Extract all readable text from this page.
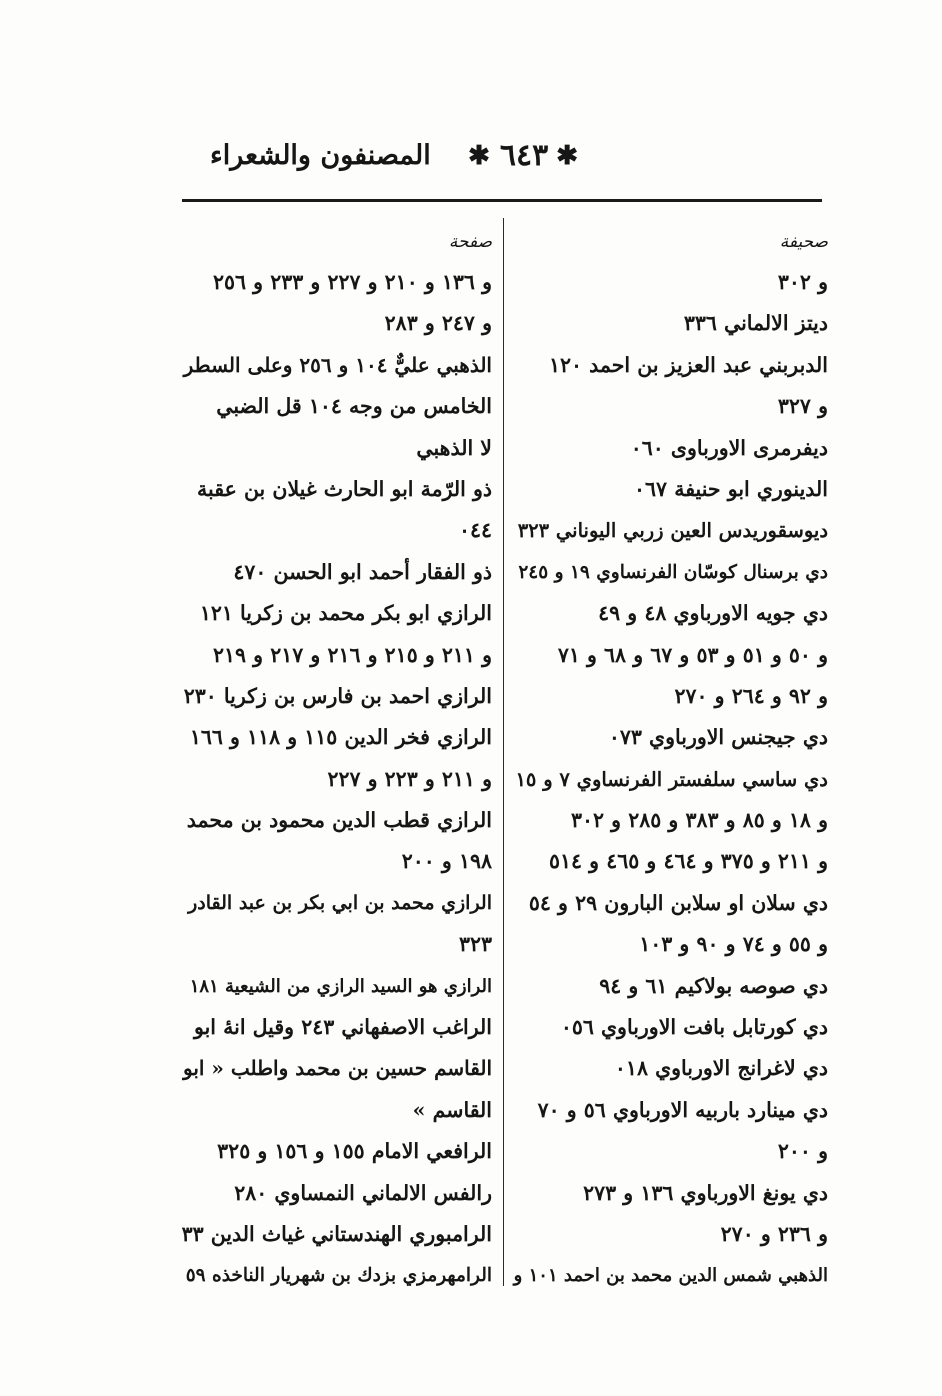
✱
٦٤٣
✱
المصنفون والشعراء
صحيفة
و ٣٠٢
ديتز الالماني ٣٣٦
الدبربني عبد العزيز بن احمد ١٢٠
و ٣٢٧
ديفرمرى الاورباوى ٠٦٠
الدينوري ابو حنيفة ٠٦٧
ديوسقوريدس العين زربي اليوناني ٣٢٣
دي برسنال كوسّان الفرنساوي ١٩ و ٢٤٥
دي جويه الاورباوي ٤٨ و ٤٩
و ٥٠ و ٥١ و ٥٣ و ٦٧ و ٦٨ و ٧١
و ٩٢ و ٢٦٤ و ٢٧٠
دي جيجنس الاورباوي ٠٧٣
دي ساسي سلفستر الفرنساوي ٧ و ١٥
و ١٨ و ٨٥ و ٣٨٣ و ٢٨٥ و ٣٠٢
و ٢١١ و ٣٧٥ و ٤٦٤ و ٤٦٥ و ٥١٤
دي سلان او سلابن البارون ٢٩ و ٥٤
و ٥٥ و ٧٤ و ٩٠ و ١٠٣
دي صوصه بولاكيم ٦١ و ٩٤
دي كورتابل بافت الاورباوي ٠٥٦
دي لاغرانج الاورباوي ٠١٨
دي مينارد باربيه الاورباوي ٥٦ و ٧٠
و ٢٠٠
دي يونغ الاورباوي ١٣٦ و ٢٧٣
و ٢٣٦ و ٢٧٠
الذهبي شمس الدين محمد بن احمد ١٠١ و
صفحة
و ١٣٦ و ٢١٠ و ٢٢٧ و ٢٣٣ و ٢٥٦
و ٢٤٧ و ٢٨٣
الذهبي عليٌّ ١٠٤ و ٢٥٦ وعلى السطر
الخامس من وجه ١٠٤ قل الضبي
لا الذهبي
ذو الرّمة ابو الحارث غيلان بن عقبة
٠٤٤
ذو الفقار أحمد ابو الحسن ٤٧٠
الرازي ابو بكر محمد بن زكريا ١٢١
و ٢١١ و ٢١٥ و ٢١٦ و ٢١٧ و ٢١٩
الرازي احمد بن فارس بن زكريا ٢٣٠
الرازي فخر الدين ١١٥ و ١١٨ و ١٦٦
و ٢١١ و ٢٢٣ و ٢٢٧
الرازي قطب الدين محمود بن محمد
١٩٨ و ٢٠٠
الرازي محمد بن ابي بكر بن عبد القادر
٣٢٣
الرازي هو السيد الرازي من الشيعية ١٨١
الراغب الاصفهاني ٢٤٣ وقيل انهٔ ابو
القاسم حسين بن محمد واطلب « ابو
القاسم »
الرافعي الامام ١٥٥ و ١٥٦ و ٣٢٥
رالفس الالماني النمساوي ٢٨٠
الرامبوري الهندستاني غياث الدين ٣٣
الرامهرمزي بزدك بن شهريار الناخذه ٥٩
